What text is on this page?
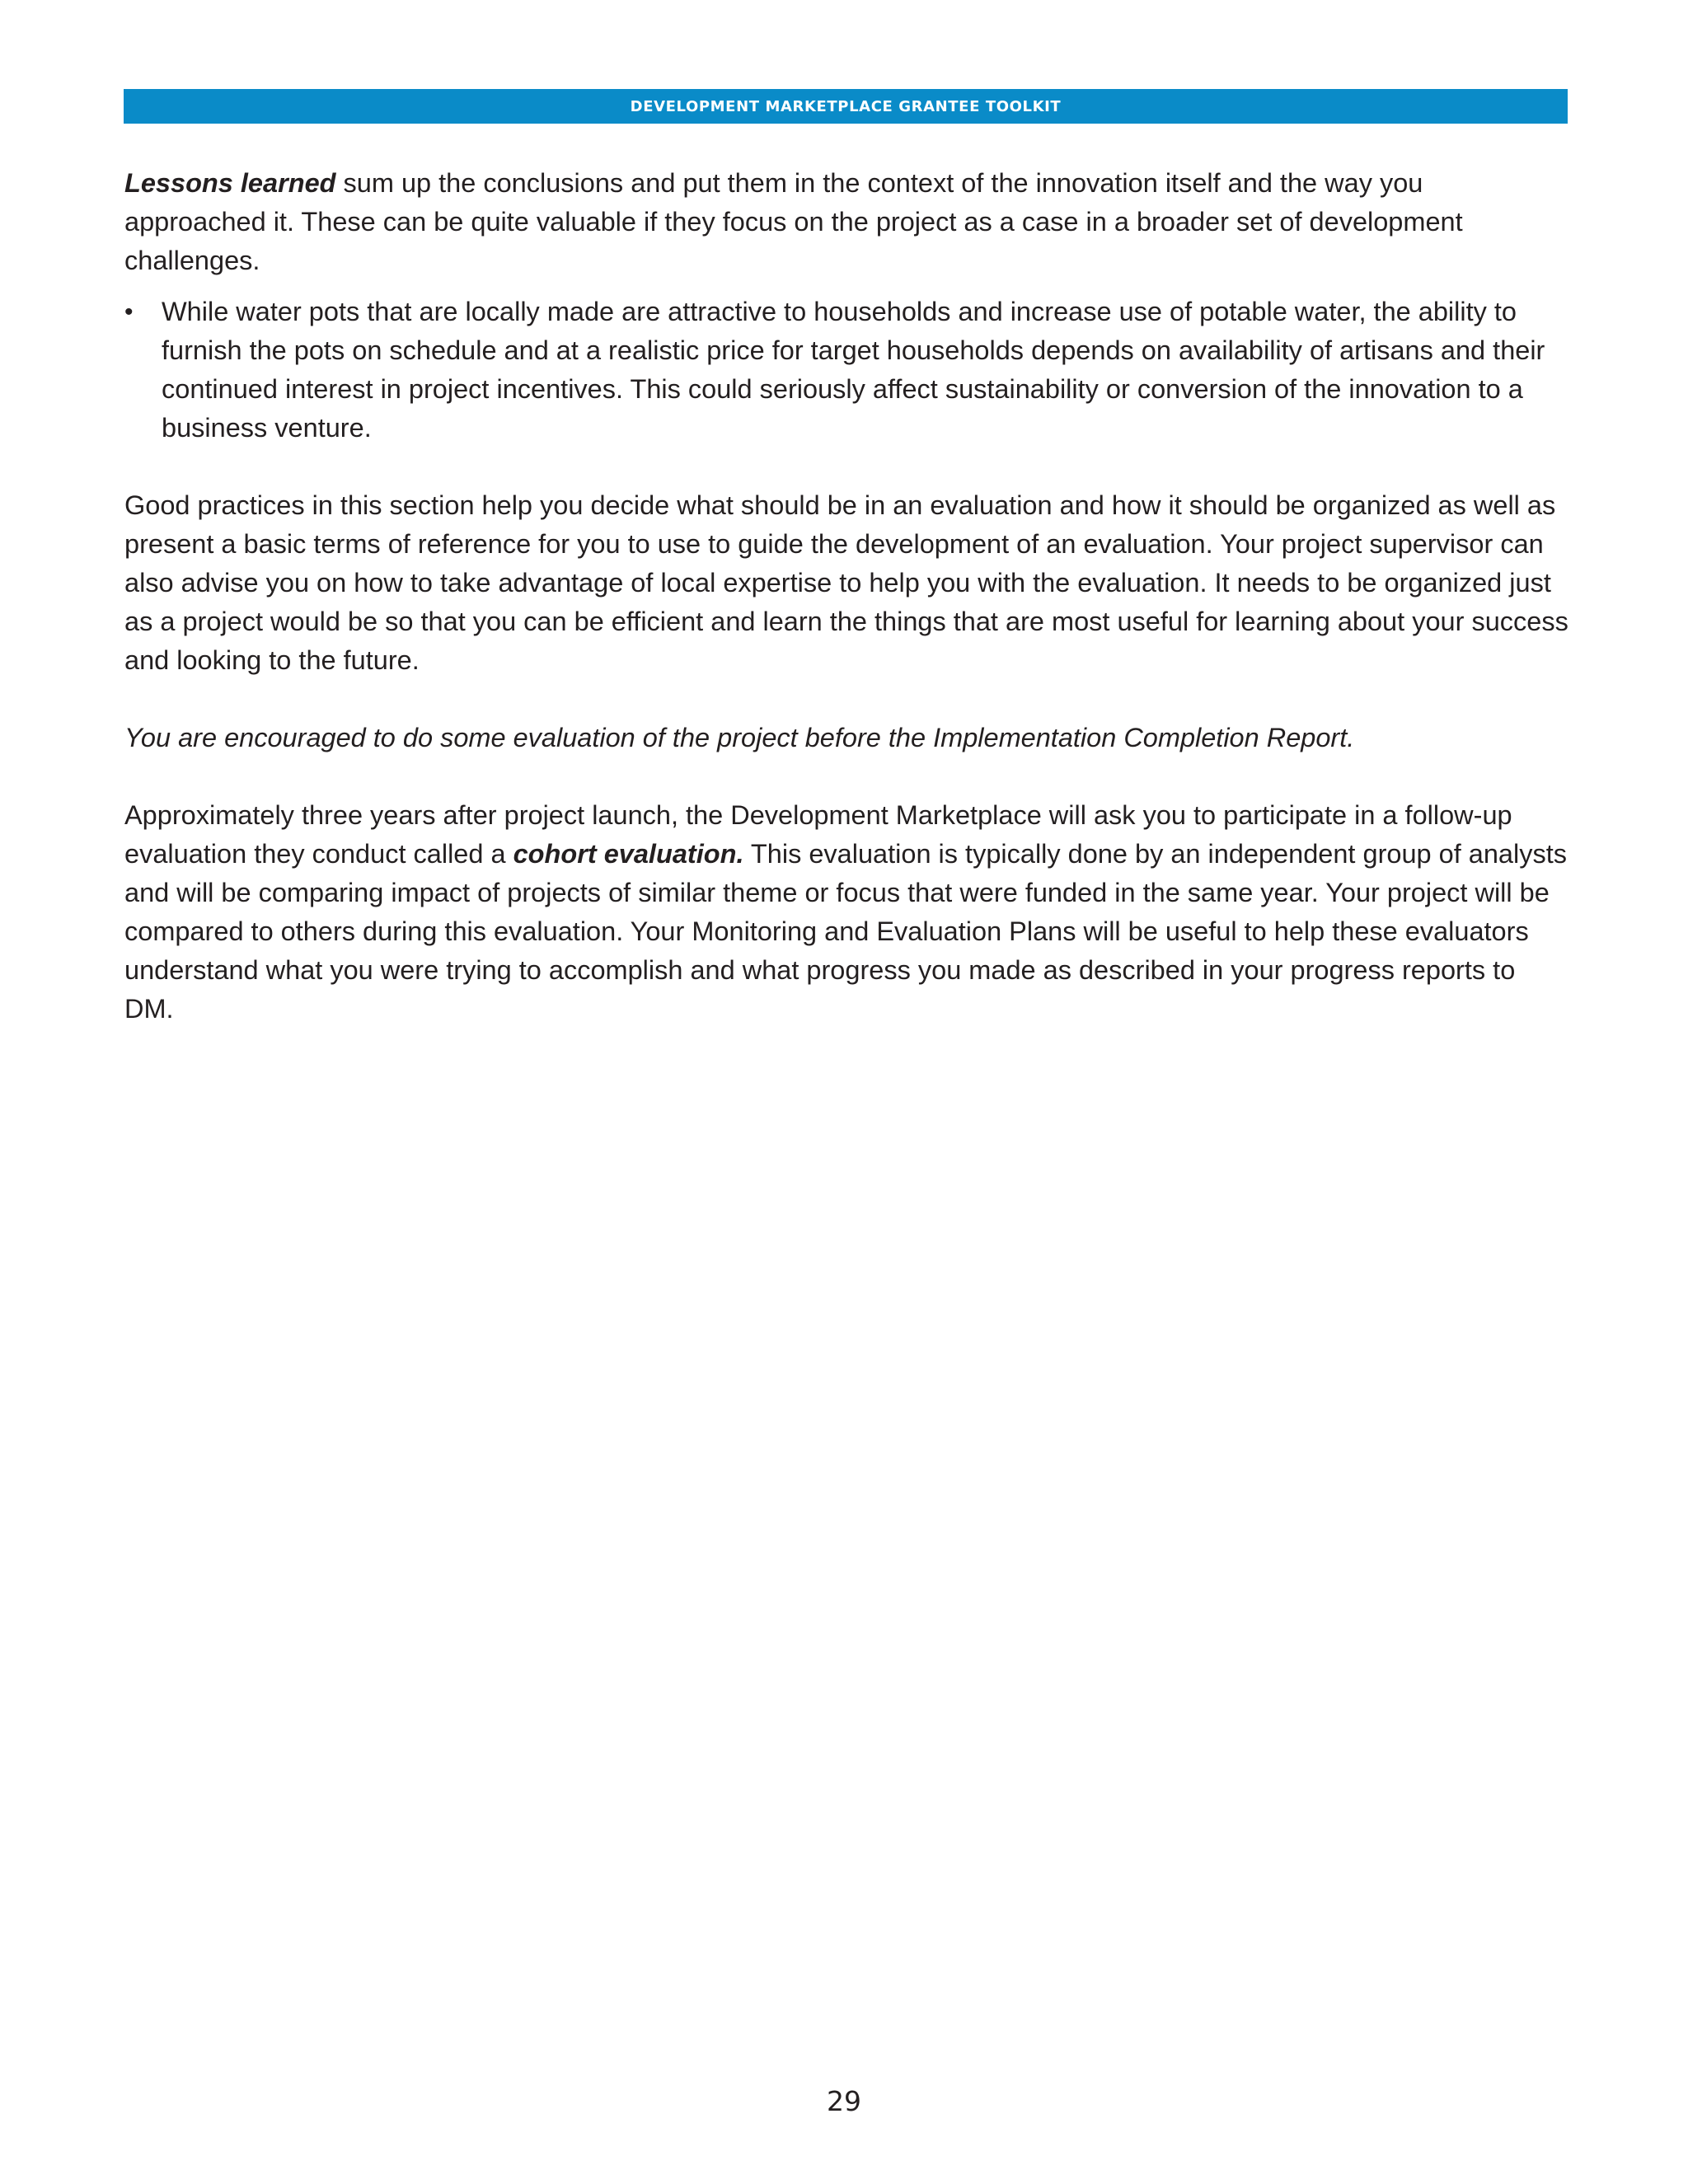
DEVELOPMENT MARKETPLACE GRANTEE TOOLKIT

Lessons learned sum up the conclusions and put them in the context of the innovation itself and the way you approached it. These can be quite valuable if they focus on the project as a case in a broader set of development challenges.

• While water pots that are locally made are attractive to households and increase use of potable water, the ability to furnish the pots on schedule and at a realistic price for target households depends on availability of artisans and their continued interest in project incentives. This could seriously affect sustainability or conversion of the innovation to a business venture.

Good practices in this section help you decide what should be in an evaluation and how it should be organized as well as present a basic terms of reference for you to use to guide the development of an evaluation. Your project supervisor can also advise you on how to take advantage of local expertise to help you with the evaluation. It needs to be organized just as a project would be so that you can be efficient and learn the things that are most useful for learning about your success and looking to the future.

You are encouraged to do some evaluation of the project before the Implementation Completion Report.

Approximately three years after project launch, the Development Marketplace will ask you to participate in a follow-up evaluation they conduct called a cohort evaluation. This evaluation is typically done by an independent group of analysts and will be comparing impact of projects of similar theme or focus that were funded in the same year. Your project will be compared to others during this evaluation. Your Monitoring and Evaluation Plans will be useful to help these evaluators understand what you were trying to accomplish and what progress you made as described in your progress reports to DM.

29
